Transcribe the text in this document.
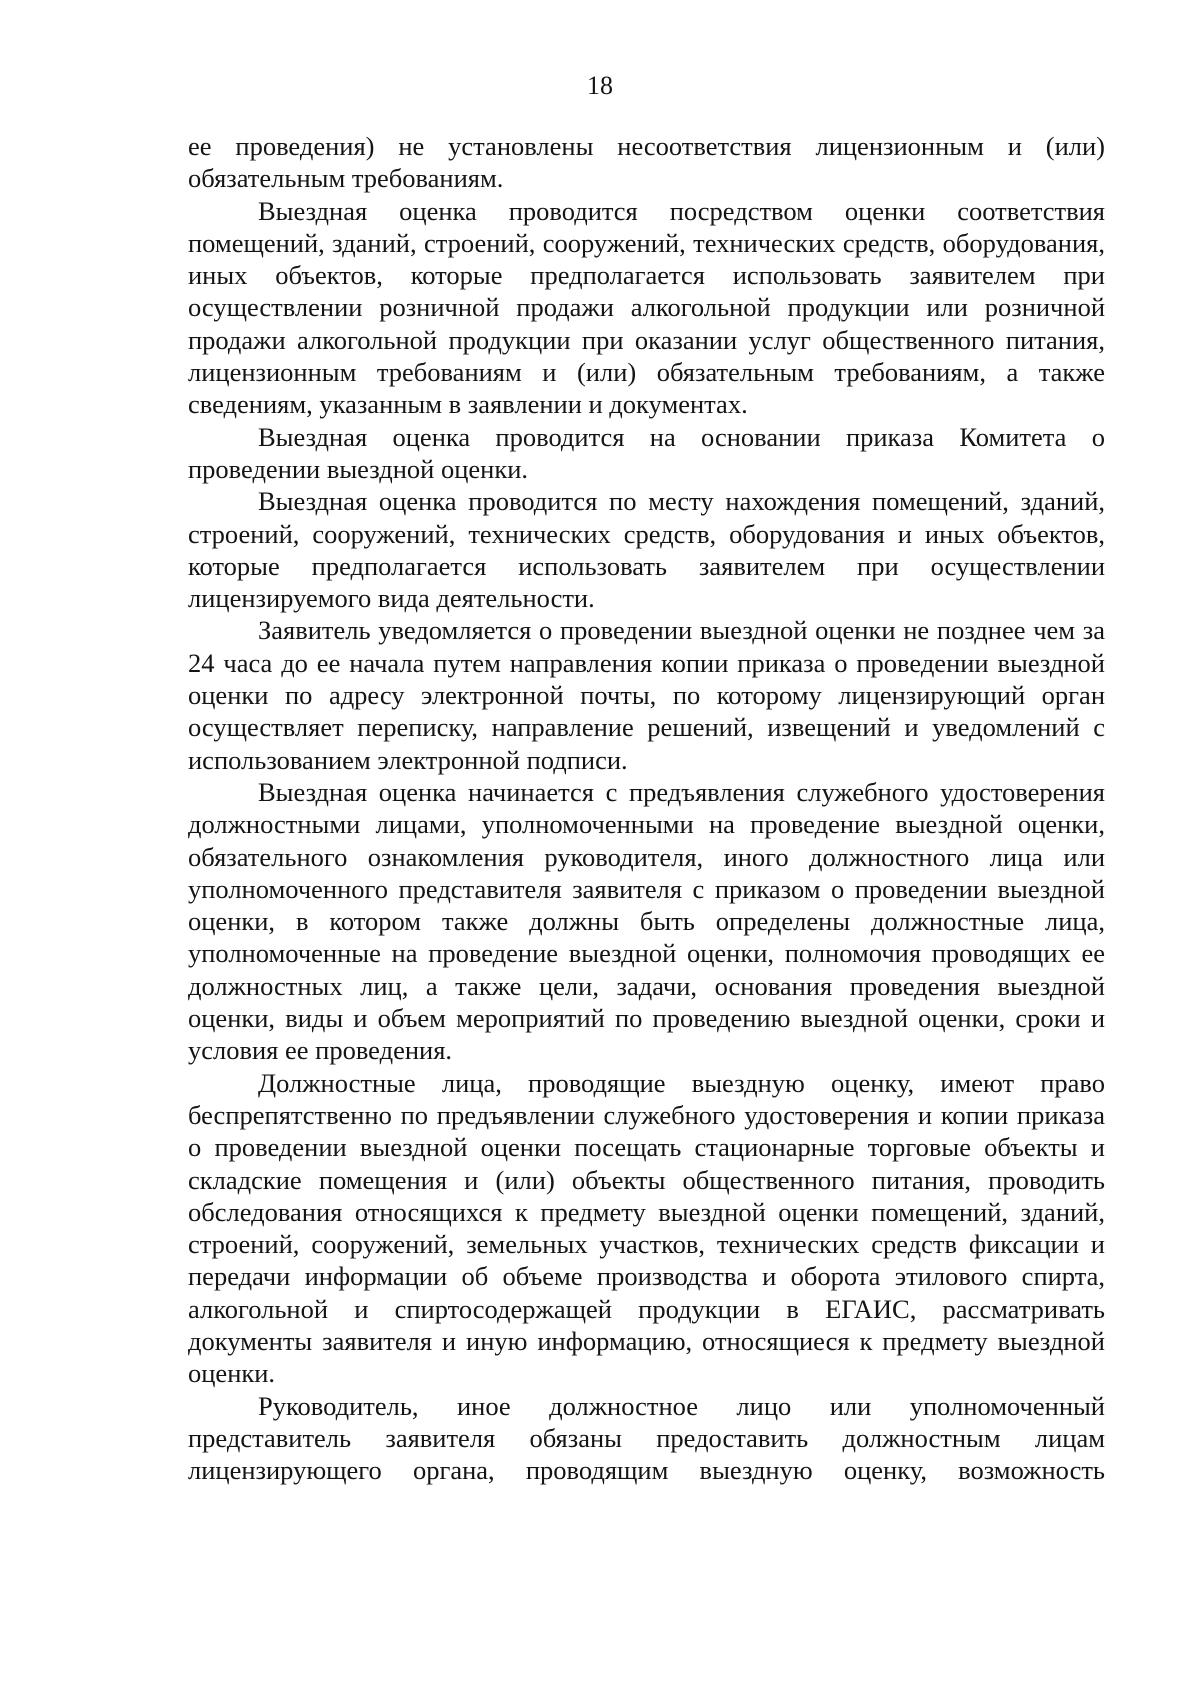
18

ее проведения) не установлены несоответствия лицензионным и (или) обязательным требованиям.

Выездная оценка проводится посредством оценки соответствия помещений, зданий, строений, сооружений, технических средств, оборудования, иных объектов, которые предполагается использовать заявителем при осуществлении розничной продажи алкогольной продукции или розничной продажи алкогольной продукции при оказании услуг общественного питания, лицензионным требованиям и (или) обязательным требованиям, а также сведениям, указанным в заявлении и документах.

Выездная оценка проводится на основании приказа Комитета о проведении выездной оценки.

Выездная оценка проводится по месту нахождения помещений, зданий, строений, сооружений, технических средств, оборудования и иных объектов, которые предполагается использовать заявителем при осуществлении лицензируемого вида деятельности.

Заявитель уведомляется о проведении выездной оценки не позднее чем за 24 часа до ее начала путем направления копии приказа о проведении выездной оценки по адресу электронной почты, по которому лицензирующий орган осуществляет переписку, направление решений, извещений и уведомлений с использованием электронной подписи.

Выездная оценка начинается с предъявления служебного удостоверения должностными лицами, уполномоченными на проведение выездной оценки, обязательного ознакомления руководителя, иного должностного лица или уполномоченного представителя заявителя с приказом о проведении выездной оценки, в котором также должны быть определены должностные лица, уполномоченные на проведение выездной оценки, полномочия проводящих ее должностных лиц, а также цели, задачи, основания проведения выездной оценки, виды и объем мероприятий по проведению выездной оценки, сроки и условия ее проведения.

Должностные лица, проводящие выездную оценку, имеют право беспрепятственно по предъявлении служебного удостоверения и копии приказа о проведении выездной оценки посещать стационарные торговые объекты и складские помещения и (или) объекты общественного питания, проводить обследования относящихся к предмету выездной оценки помещений, зданий, строений, сооружений, земельных участков, технических средств фиксации и передачи информации об объеме производства и оборота этилового спирта, алкогольной и спиртосодержащей продукции в ЕГАИС, рассматривать документы заявителя и иную информацию, относящиеся к предмету выездной оценки.

Руководитель, иное должностное лицо или уполномоченный представитель заявителя обязаны предоставить должностным лицам лицензирующего органа, проводящим выездную оценку, возможность
